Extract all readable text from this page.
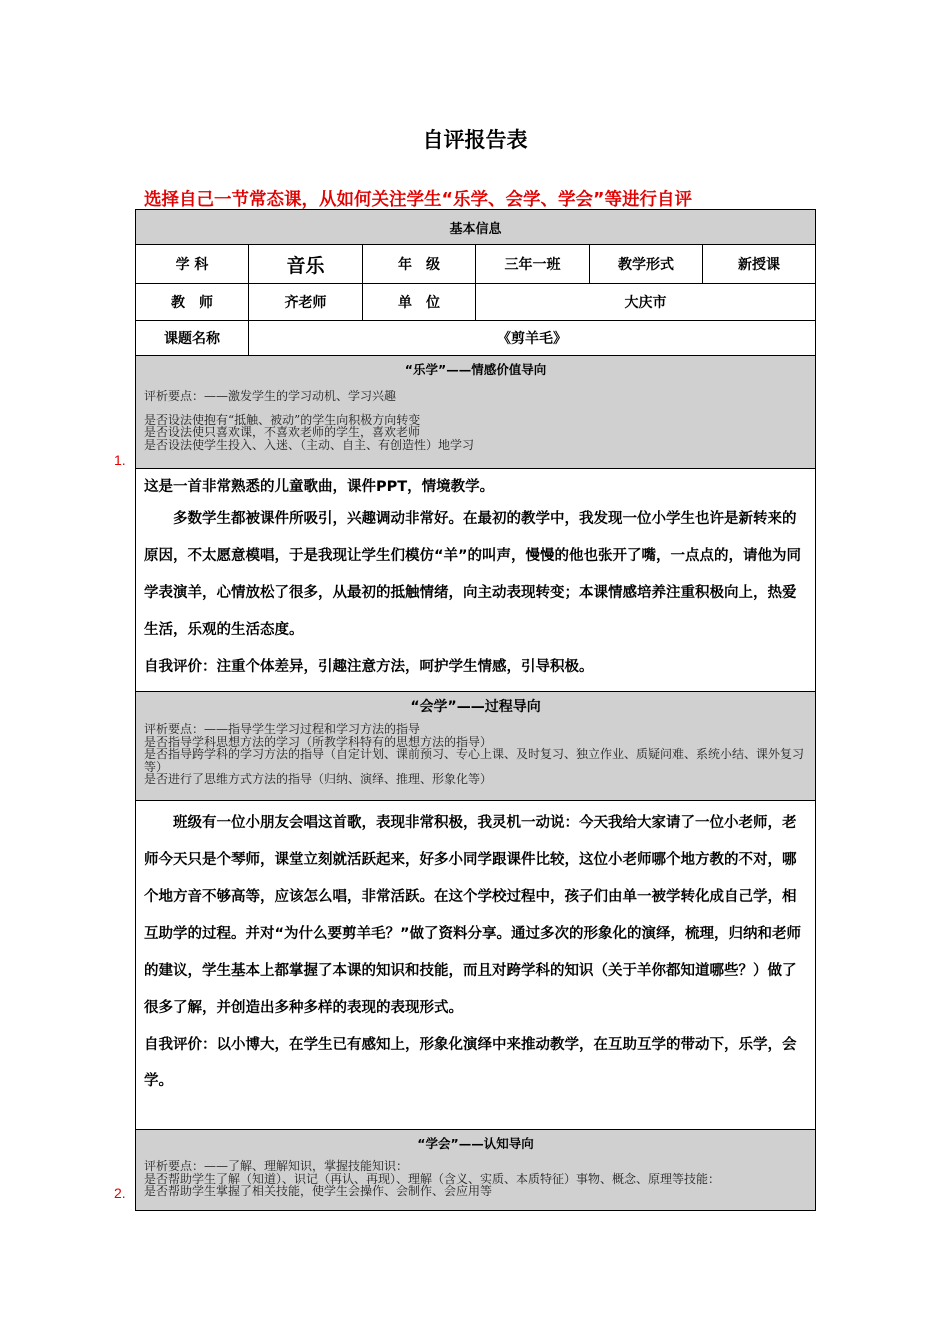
自评报告表
选择自己一节常态课，从如何关注学生“乐学、会学、学会”等进行自评
1.
2.
基本信息					
学 科	音乐	年　级	三年一班	教学形式	新授课
教　师	齐老师	单　位	大庆市		
课题名称	《剪羊毛》				

“乐学”——情感价值导向
评析要点：——激发学生的学习动机、学习兴趣
是否设法使抱有“抵触、被动”的学生向积极方向转变
是否设法使只喜欢课，不喜欢老师的学生，喜欢老师
是否设法使学生投入、入迷、（主动、自主、有创造性）地学习					

这是一首非常熟悉的儿童歌曲，课件PPT，情境教学。

　　多数学生都被课件所吸引，兴趣调动非常好。在最初的教学中，我发现一位小学生也许是新转来的原因，不太愿意模唱，于是我现让学生们模仿“羊”的叫声，慢慢的他也张开了嘴，一点点的，请他为同学表演羊，心情放松了很多，从最初的抵触情绪，向主动表现转变；本课情感培养注重积极向上，热爱生活，乐观的生活态度。

自我评价：注重个体差异，引趣注意方法，呵护学生情感，引导积极。					

“会学”——过程导向
评析要点：——指导学生学习过程和学习方法的指导
是否指导学科思想方法的学习（所教学科特有的思想方法的指导）
是否指导跨学科的学习方法的指导（自定计划、课前预习、专心上课、及时复习、独立作业、质疑问难、系统小结、课外复习等）
是否进行了思维方式方法的指导（归纳、演绎、推理、形象化等）					

　　班级有一位小朋友会唱这首歌，表现非常积极，我灵机一动说：今天我给大家请了一位小老师，老师今天只是个琴师，课堂立刻就活跃起来，好多小同学跟课件比较，这位小老师哪个地方教的不对，哪个地方音不够高等，应该怎么唱，非常活跃。在这个学校过程中，孩子们由单一被学转化成自己学，相互助学的过程。并对“为什么要剪羊毛？”做了资料分享。通过多次的形象化的演绎，梳理，归纳和老师的建议，学生基本上都掌握了本课的知识和技能，而且对跨学科的知识（关于羊你都知道哪些？）做了很多了解，并创造出多种多样的表现的表现形式。

自我评价：以小博大，在学生已有感知上，形象化演绎中来推动教学，在互助互学的带动下，乐学，会学。					

“学会”——认知导向
评析要点：——了解、理解知识，掌握技能知识：
是否帮助学生了解（知道）、识记（再认、再现）、理解（含义、实质、本质特征）事物、概念、原理等技能：
是否帮助学生掌握了相关技能，使学生会操作、会制作、会应用等					
